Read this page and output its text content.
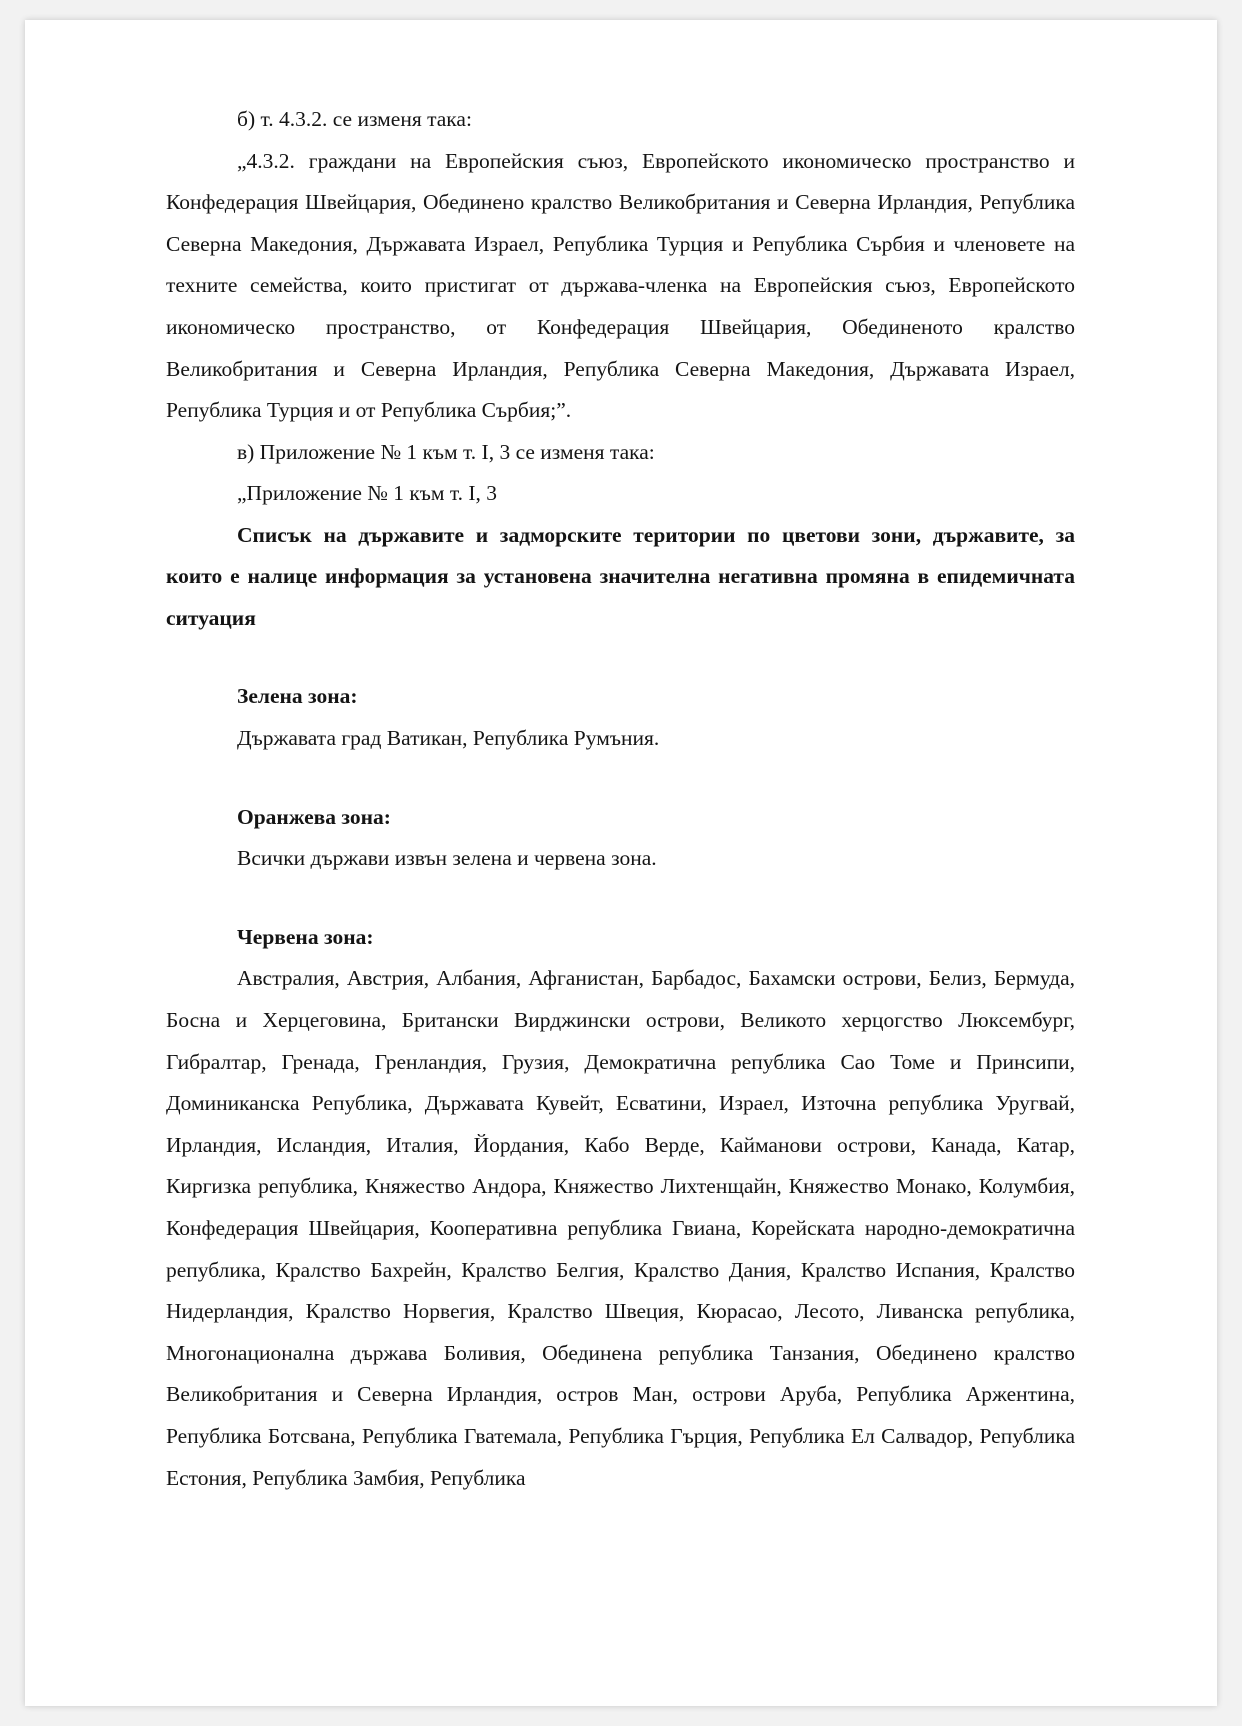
б) т. 4.3.2. се изменя така:

„4.3.2. граждани на Европейския съюз, Европейското икономическо пространство и Конфедерация Швейцария, Обединено кралство Великобритания и Северна Ирландия, Република Северна Македония, Държавата Израел, Република Турция и Република Сърбия и членовете на техните семейства, които пристигат от държава-членка на Европейския съюз, Европейското икономическо пространство, от Конфедерация Швейцария, Обединеното кралство Великобритания и Северна Ирландия, Република Северна Македония, Държавата Израел, Република Турция и от Република Сърбия;”.

в) Приложение № 1 към т. I, 3 се изменя така:

„Приложение № 1 към т. I, 3

Списък на държавите и задморските територии по цветови зони, държавите, за които е налице информация за установена значителна негативна промяна в епидемичната ситуация

Зелена зона:

Държавата град Ватикан, Република Румъния.

Оранжева зона:

Всички държави извън зелена и червена зона.

Червена зона:

Австралия, Австрия, Албания, Афганистан, Барбадос, Бахамски острови, Белиз, Бермуда, Босна и Херцеговина, Британски Вирджински острови, Великото херцогство Люксембург, Гибралтар, Гренада, Гренландия, Грузия, Демократична република Сао Томе и Принсипи, Доминиканска Република, Държавата Кувейт, Есватини, Израел, Източна република Уругвай, Ирландия, Исландия, Италия, Йордания, Кабо Верде, Кайманови острови, Канада, Катар, Киргизка република, Княжество Андора, Княжество Лихтенщайн, Княжество Монако, Колумбия, Конфедерация Швейцария, Кооперативна република Гвиана, Корейската народно-демократична република, Кралство Бахрейн, Кралство Белгия, Кралство Дания, Кралство Испания, Кралство Нидерландия, Кралство Норвегия, Кралство Швеция, Кюрасао, Лесото, Ливанска република, Многонационална държава Боливия, Обединена република Танзания, Обединено кралство Великобритания и Северна Ирландия, остров Ман, острови Аруба, Република Аржентина, Република Ботсвана, Република Гватемала, Република Гърция, Република Ел Салвадор, Република Естония, Република Замбия, Република
